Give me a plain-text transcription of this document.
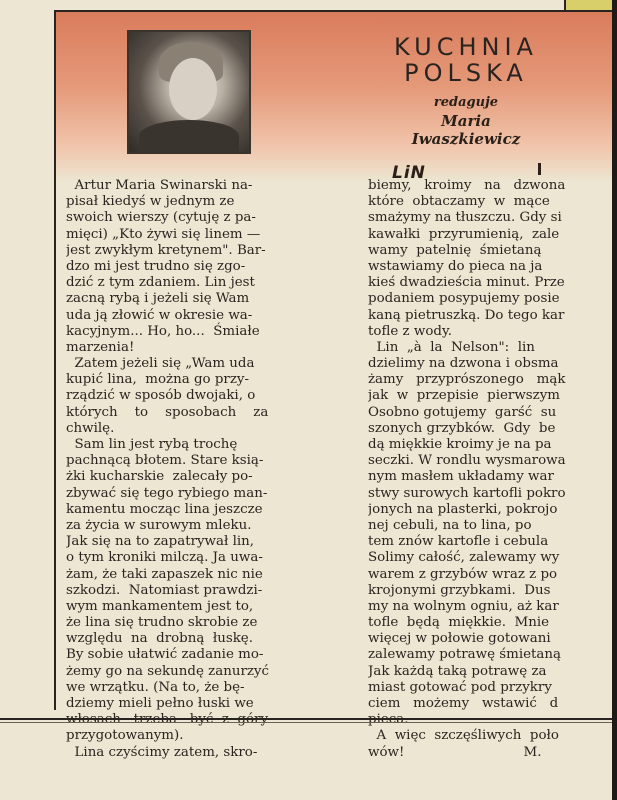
KUCHNIA
POLSKA
redaguje
Maria
Iwaszkiewicz
LiN
Artur Maria Swinarski na-
pisał kiedyś w jednym ze
swoich wierszy (cytuję z pa-
mięci) „Kto żywi się linem —
jest zwykłym kretynem". Bar-
dzo mi jest trudno się zgo-
dzić z tym zdaniem. Lin jest
zacną rybą i jeżeli się Wam
uda ją złowić w okresie wa-
kacyjnym... Ho, ho...  Śmiałe
marzenia!
Zatem jeżeli się „Wam uda
kupić lina,  można go przy-
rządzić w sposób dwojaki, o
których    to    sposobach    za
chwilę.
Sam lin jest rybą trochę
pachnącą błotem. Stare ksią-
żki kucharskie  zalecały po-
zbywać się tego rybiego man-
kamentu mocząc lina jeszcze
za życia w surowym mleku.
Jak się na to zapatrywał lin,
o tym kroniki milczą. Ja uwa-
żam, że taki zapaszek nic nie
szkodzi.  Natomiast prawdzi-
wym mankamentem jest to,
że lina się trudno skrobie ze
względu  na  drobną  łuskę.
By sobie ułatwić zadanie mo-
żemy go na sekundę zanurzyć
we wrzątku. (Na to, że bę-
dziemy mieli pełno łuski we
przygotowanym).
Lina czyścimy zatem, skro-
biemy,   kroimy   na   dzwona
które  obtaczamy  w  mące
smażymy na tłuszczu. Gdy si
kawałki  przyrumienią,  zale
wamy  patelnię  śmietaną
wstawiamy do pieca na ja
kieś dwadzieścia minut. Prze
podaniem posypujemy posie
kaną pietruszką. Do tego kar
tofle z wody.
Lin  „à  la  Nelson":  lin
dzielimy na dzwona i obsma
żamy   przyprószonego   mąk
jak  w  przepisie  pierwszym
Osobno gotujemy  garść  su
szonych grzybków.  Gdy  be
dą miękkie kroimy je na pa
seczki. W rondlu wysmarowa
nym masłem układamy war
stwy surowych kartofli pokro
jonych na plasterki, pokrojo
nej cebuli, na to lina, po
tem znów kartofle i cebula
Solimy całość, zalewamy wy
warem z grzybów wraz z po
krojonymi grzybkami.  Dus
my na wolnym ogniu, aż kar
tofle  będą  miękkie.  Mnie
więcej w połowie gotowani
zalewamy potrawę śmietaną
Jak każdą taką potrawę za
miast gotować pod przykry
ciem   możemy   wstawić   d
A  więc  szczęśliwych  poło
wów!                            M.
